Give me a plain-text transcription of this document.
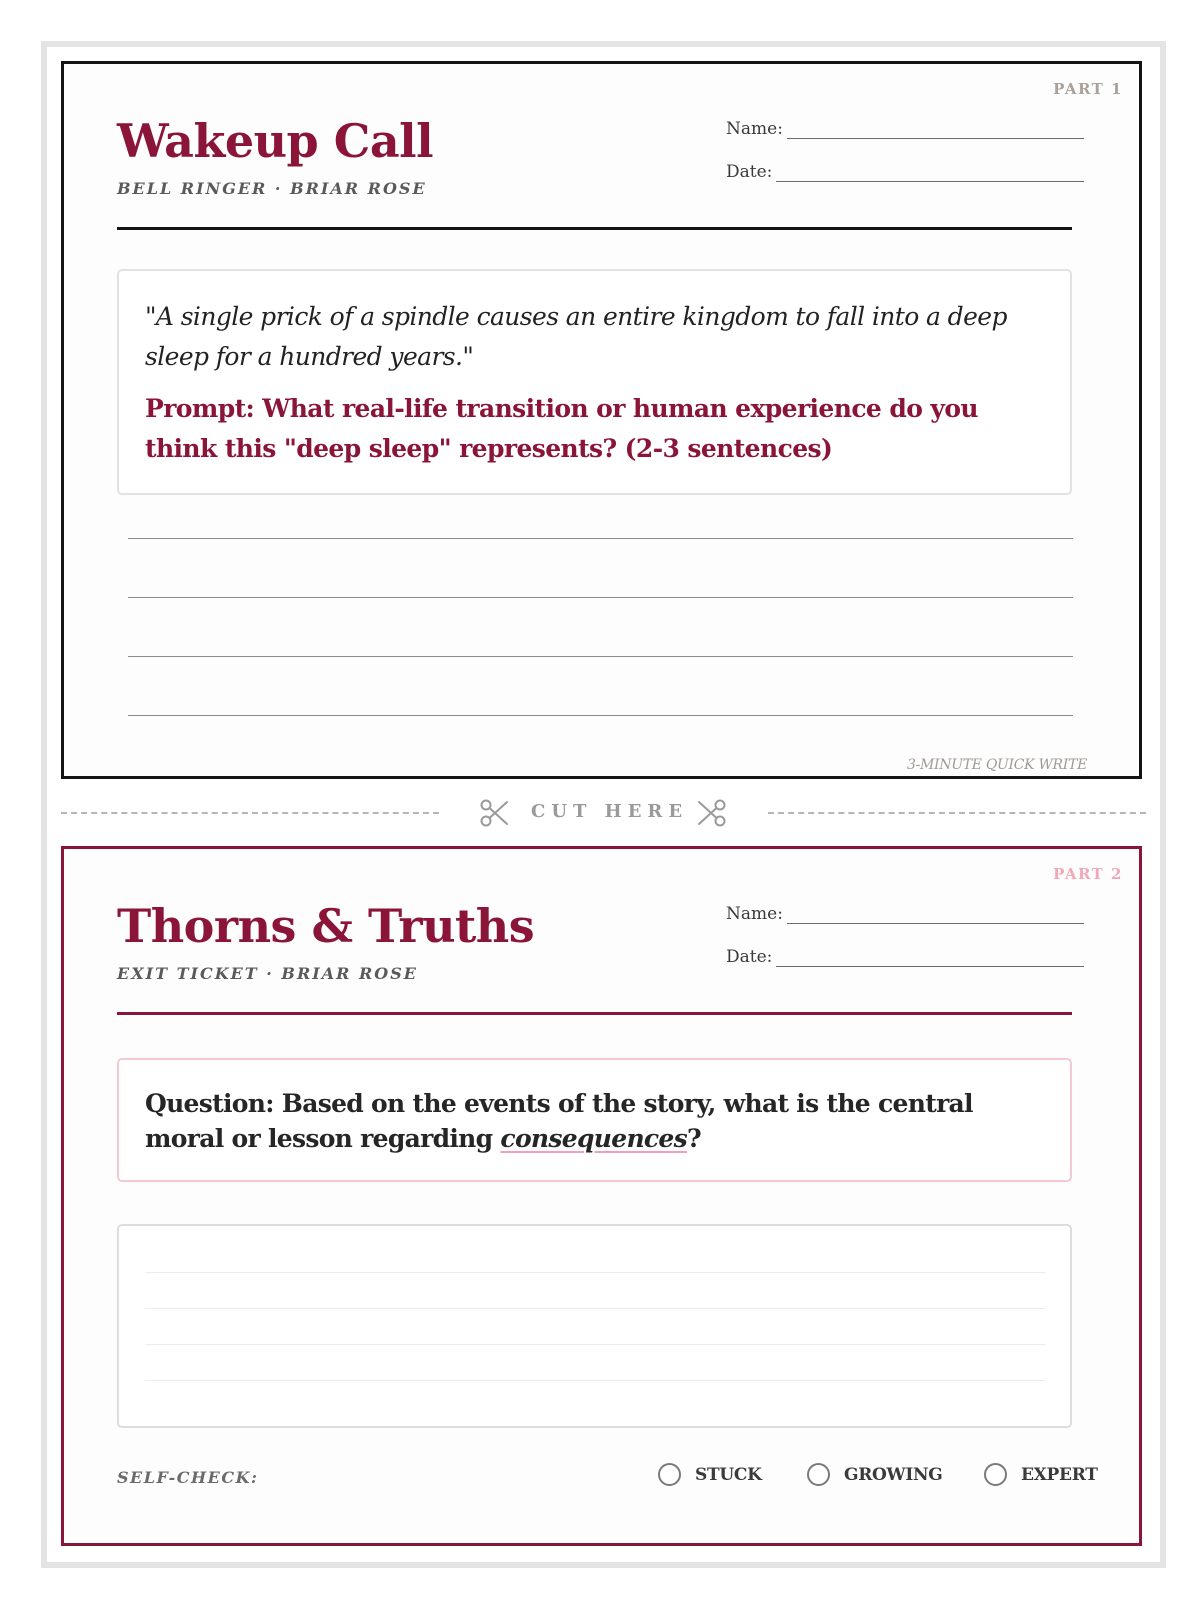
PART 1
Wakeup Call
BELL RINGER · BRIAR ROSE
Name:
Date:

"A single prick of a spindle causes an entire kingdom to fall into a deep sleep for a hundred years."

Prompt: What real-life transition or human experience do you think this "deep sleep" represents? (2-3 sentences)

3-MINUTE QUICK WRITE
CUT HERE
PART 2
Thorns & Truths
EXIT TICKET · BRIAR ROSE
Name:
Date:

Question: Based on the events of the story, what is the central moral or lesson regarding consequences?

SELF-CHECK:	STUCK	GROWING	EXPERT
